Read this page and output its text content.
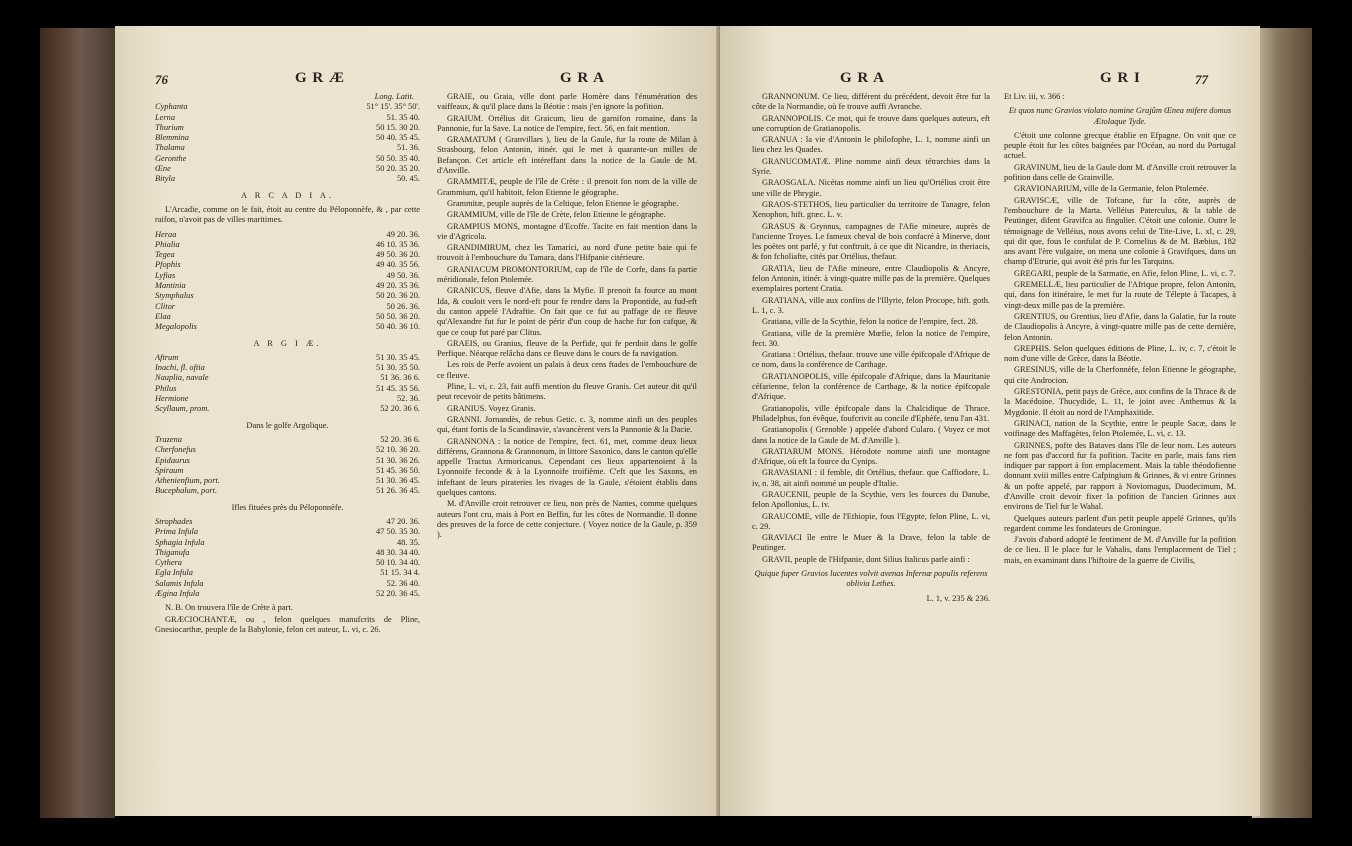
76	G R Æ	G R A
Long. Latit.
Cyphanta	51° 15'. 35° 50'.
Lerna	51. 35 40.
Thurium	50 15. 30 20.
Blemmina	50 40. 35 45.
Thalama	51. 36.
Geronthe	50 50. 35 40.
Œne	50 20. 35 20.
Bityla	50. 45.
A R C A D I A.
L'Arcadie, comme on le fait, étoit au centre du Péloponnèfe, & , par cette raifon, n'avoit pas de villes maritimes.
Heraa	49 20. 36.
Phialia	46 10. 35 36.
Tegea	49 50. 36 20.
Pfophis	49 40. 35 56.
Lyfias	49 50. 36.
Mantinia	49 20. 35 36.
Stymphalus	50 20. 36 20.
Clitor	50 26. 36.
Elaa	50 50. 36 20.
Megalopolis	50 40. 36 10.
A R G I Æ.
Aftrum	51 30. 35 45.
Inachi, fl. oftia	51 30. 35 50.
Nauplia, navale	51 36. 36 6.
Philus	51 45. 35 56.
Hermione	52. 36.
Scyllaum, prom.	52 20. 36 6.
Dans le golfe Argolique.
Trazena	52 20. 36 6.
Cherfonefus	52 10. 36 20.
Epidaurus	51 30. 36 26.
Spiraum	51 45. 36 50.
Athenienfium, port.	51 30. 36 45.
Bucephalum, port.	51 26. 36 45.
Ifles fituées près du Péloponnèfe.
Strophades	47 20. 36.
Prima Infula	47 50. 35 30.
Sphagia Infula	48. 35.
Thiganufa	48 30. 34 40.
Cythera	50 10. 34 40.
Egla Infula	51 15. 34 4.
Salamis Infula	52. 36 40.
Ægina Infula	52 20. 36 45.
N. B. On trouvera l'île de Crète à part.
GRÆCIOCHANTÆ, ou , felon quelques manufcrits de Pline, Gnesiocarthæ, peuple de la Babylonie, felon cet auteur, L. vi, c. 26.
GRAIE, ou Graia, ville dont parle Homère dans l'énumération des vaiffeaux, & qu'il place dans la Béotie : mais j'en ignore la pofition.
GRAIUM. Ortélius dit Graicum, lieu de garnifon romaine, dans la Pannonie, fur la Save. La notice de l'empire, fect. 56, en fait mention.
GRAMATUM ( Granvillars ), lieu de la Gaule, fur la route de Milan à Strasbourg, felon Antonin, itinér. qui le met à quarante-un milles de Befançon. Cet article eft intéreffant dans la notice de la Gaule de M. d'Anville.
GRAMMITÆ, peuple de l'île de Crète : il prenoit fon nom de la ville de Grammium, qu'il habitoit, felon Etienne le géographe.
Grammitæ, peuple auprès de la Celtique, felon Etienne le géographe.
GRAMMIUM, ville de l'île de Crète, felon Etienne le géographe.
GRAMPIUS MONS, montagne d'Ecoffe. Tacite en fait mention dans la vie d'Agricola.
GRANDIMIRUM, chez les Tamarici, au nord d'une petite baie qui fe trouvoit à l'embouchure du Tamara, dans l'Hifpanie citérieure.
GRANIACUM PROMONTORIUM, cap de l'île de Corfe, dans fa partie méridionale, felon Ptolemée.
GRANICUS, fleuve d'Afie, dans la Myfie. Il prenoit fa fource au mont Ida, & couloit vers le nord-eft pour fe rendre dans la Propontide, au fud-eft du canton appelé l'Adraftie. On fait que ce fut au paffage de ce fleuve qu'Alexandre fut fur le point de périr d'un coup de hache fur fon cafque, & que ce coup fut paré par Clitus.
GRAEIS, ou Granius, fleuve de la Perfide, qui fe perdoit dans le golfe Perfique. Néarque relâcha dans ce fleuve dans le cours de fa navigation.
Les rois de Perfe avoient un palais à deux cens ftades de l'embouchure de ce fleuve.
Pline, L. vi, c. 23, fait auffi mention du fleuve Granis. Cet auteur dit qu'il peut recevoir de petits bâtimens.
GRANIUS. Voyez Granis.
GRANNI. Jornandès, de rebus Getic. c. 3, nomme ainfi un des peuples qui, étant fortis de la Scandinavie, s'avancèrent vers la Pannonie & la Dacie.
GRANNONA : la notice de l'empire, fect. 61, met, comme deux lieux différens, Grannona & Grannonum, in littore Saxonico, dans le canton qu'elle appelle Tractus Armoricanus. Cependant ces lieux appartenoient à la Lyonnoife feconde & à la Lyonnoife troifième. C'eft que les Saxons, en infeftant de leurs pirateries les rivages de la Gaule, s'étoient établis dans quelques cantons.
M. d'Anville croit retrouver ce lieu, non près de Nantes, comme quelques auteurs l'ont cru, mais à Port en Beffin, fur les côtes de Normandie. Il donne des preuves de la force de cette conjecture. ( Voyez notice de la Gaule, p. 359 ).
G R A	G R I	77
GRANNONUM. Ce lieu, différent du précédent, devoit être fur la côte de la Normandie, où fe trouve auffi Avranche.
GRANNOPOLIS. Ce mot, qui fe trouve dans quelques auteurs, eft une corruption de Gratianopolis.
GRANUA : la vie d'Antonin le philofophe, L. 1, nomme ainfi un lieu chez les Quades.
GRANUCOMATÆ. Pline nomme ainfi deux tétrarchies dans la Syrie.
GRAOSGALA. Nicétas nomme ainfi un lieu qu'Ortélius croit être une ville de Phrygie.
GRAOS-STETHOS, lieu particulier du territoire de Tanagre, felon Xenophon, hift. græc. L. v.
GRASUS & Grynnus, campagnes de l'Afie mineure, auprès de l'ancienne Troyes. Le fameux cheval de bois confacré à Minerve, dont les poètes ont parlé, y fut conftruit, à ce que dit Nicandre, in theriacis, & fon fcholiafte, cités par Ortélius, thefaur.
GRATIA, lieu de l'Afie mineure, entre Claudiopolis & Ancyre, felon Antonin, itinér. à vingt-quatre mille pas de la première. Quelques exemplaires portent Cratia.
GRATIANA, ville aux confins de l'Illyrie, felon Procope, hift. goth. L. 1, c. 3.
Gratiana, ville de la Scythie, felon la notice de l'empire, fect. 28.
Gratiana, ville de la première Mœfie, felon la notice de l'empire, fect. 30.
Gratiana : Ortélius, thefaur. trouve une ville épifcopale d'Afrique de ce nom, dans la conférence de Carthage.
GRATIANOPOLIS, ville épifcopale d'Afrique, dans la Mauritanie céfarienne, felon la conférence de Carthage, & la notice épifcopale d'Afrique.
Gratianopolis, ville épifcopale dans la Chalcidique de Thrace. Philadelphus, fon évêque, foufcrivit au concile d'Ephèfe, tenu l'an 431.
Gratianopolis ( Grenoble ) appelée d'abord Cularo. ( Voyez ce mot dans la notice de la Gaule de M. d'Anville ).
GRATIARUM MONS. Hérodote nomme ainfi une montagne d'Afrique, où eft la fource du Cynips.
GRAVASIANI : il femble, dit Ortélius, thefaur. que Caffiodore, L. iv, n. 38, ait ainfi nommé un peuple d'Italie.
GRAUCENII, peuple de la Scythie, vers les fources du Danube, felon Apollonius, L. iv.
GRAUCOME, ville de l'Ethiopie, fous l'Egypte, felon Pline, L. vi, c. 29.
GRAVIACI île entre le Muer & la Drave, felon la table de Peutinger.
GRAVII, peuple de l'Hifpanie, dont Silius Italicus parle ainfi :
Quique fuper Gravios lucentes volvit avenas Infernæ populis referens oblivia Lethes.
L. 1, v. 235 & 236.
Et Liv. iii, v. 366 :
Et quos nunc Gravios violato nomine Grajûm Œnea mifere domus Ætolaque Tyde.
C'étoit une colonne grecque établie en Efpagne. On voit que ce peuple étoit fur les côtes baignées par l'Océan, au nord du Portugal actuel.
GRAVINUM, lieu de la Gaule dont M. d'Anville croit retrouver la pofition dans celle de Grainville.
GRAVIONARIUM, ville de la Germanie, felon Ptolemée.
GRAVISCÆ, ville de Tofcane, fur la côte, auprès de l'embouchure de la Marta. Velléius Paterculus, & la table de Peutinger, difent Gravifca au fingulier. C'étoit une colonie. Outre le témoignage de Velléius, nous avons celui de Tite-Live, L. xl, c. 29, qui dit que, fous le confulat de P. Cornelius & de M. Bæbius, 182 ans avant l'ère vulgaire, on mena une colonie à Gravifques, dans un champ d'Etrurie, qui avoit été pris fur les Tarquins.
GREGARI, peuple de la Sarmatie, en Afie, felon Pline, L. vi, c. 7.
GREMELLÆ, lieu particulier de l'Afrique propre, felon Antonin, qui, dans fon itinéraire, le met fur la route de Télepte à Tacapes, à vingt-deux mille pas de la première.
GRENTIUS, ou Grentius, lieu d'Afie, dans la Galatie, fur la route de Claudiopolis à Ancyre, à vingt-quatre mille pas de cette dernière, felon Antonin.
GREPHIS. Selon quelques éditions de Pline, L. iv, c. 7, c'étoit le nom d'une ville de Grèce, dans la Béotie.
GRESINUS, ville de la Cherfonnèfe, felon Etienne le géographe, qui cite Androcion.
GRESTONIA, petit pays de Grèce, aux confins de la Thrace & de la Macédoine. Thucydide, L. 11, le joint avec Anthemus & la Mygdonie. Il étoit au nord de l'Amphaxitide.
GRINACI, nation de la Scythie, entre le peuple Sacæ, dans le voifinage des Maffagètes, felon Ptolemée, L. vi, c. 13.
GRINNES, pofte des Bataves dans l'île de leur nom. Les auteurs ne font pas d'accord fur fa pofition. Tacite en parle, mais fans rien indiquer par rapport à fon emplacement. Mais la table théodofienne donnant xviii milles entre Cafpingium & Grinnes, & vi entre Grinnes & un pofte appelé, par rapport à Noviomagus, Duodecimum, M. d'Anville croit devoir fixer la pofition de l'ancien Grinnes aux environs de Tiel fur le Wahal.
Quelques auteurs parlent d'un petit peuple appelé Grinnes, qu'ils regardent comme les fondateurs de Groningue.
J'avois d'abord adopté le fentiment de M. d'Anville fur la pofition de ce lieu. Il le place fur le Vahalis, dans l'emplacement de Tiel ; mais, en examinant dans l'hiftoire de la guerre de Civilis,
